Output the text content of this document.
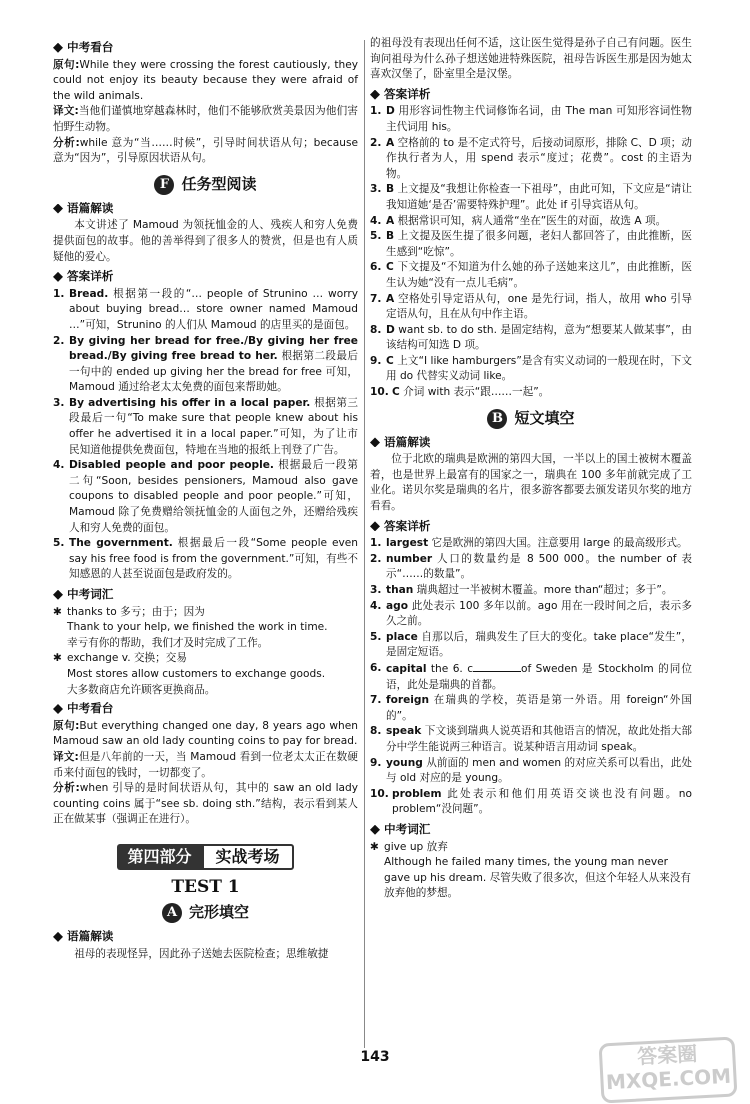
中考看台

原句:While they were crossing the forest cautiously, they could not enjoy its beauty because they were afraid of the wild animals.

译文:当他们谨慎地穿越森林时，他们不能够欣赏美景因为他们害怕野生动物。

分析:while 意为“当……时候”，引导时间状语从句；because 意为“因为”，引导原因状语从句。

F 任务型阅读
语篇解读

本文讲述了 Mamoud 为领抚恤金的人、残疾人和穷人免费提供面包的故事。他的善举得到了很多人的赞赏，但是也有人质疑他的爱心。

答案详析
1. Bread. 根据第一段的“… people of Strunino … worry about buying bread… store owner named Mamoud …”可知，Strunino 的人们从 Mamoud 的店里买的是面包。
2. By giving her bread for free./By giving her free bread./By giving free bread to her. 根据第二段最后一句中的 ended up giving her the bread for free 可知，Mamoud 通过给老太太免费的面包来帮助她。
3. By advertising his offer in a local paper. 根据第三段最后一句“To make sure that people knew about his offer he advertised it in a local paper.”可知，为了让市民知道他提供免费面包，特地在当地的报纸上刊登了广告。
4. Disabled people and poor people. 根据最后一段第二句“Soon, besides pensioners, Mamoud also gave coupons to disabled people and poor people.”可知，Mamoud 除了免费赠给领抚恤金的人面包之外，还赠给残疾人和穷人免费的面包。
5. The government. 根据最后一段“Some people even say his free food is from the government.”可知，有些不知感恩的人甚至说面包是政府发的。
中考词汇
✱ thanks to 多亏；由于；因为
Thank to your help, we finished the work in time.
幸亏有你的帮助，我们才及时完成了工作。
✱ exchange v. 交换；交易
Most stores allow customers to exchange goods.
大多数商店允许顾客更换商品。
中考看台

原句:But everything changed one day, 8 years ago when Mamoud saw an old lady counting coins to pay for bread.

译文:但是八年前的一天，当 Mamoud 看到一位老太太正在数硬币来付面包的钱时，一切都变了。

分析:when 引导的是时间状语从句，其中的 saw an old lady counting coins 属于“see sb. doing sth.”结构，表示看到某人正在做某事（强调正在进行）。

第四部分	实战考场
TEST 1
A 完形填空
语篇解读

祖母的表现怪异，因此孙子送她去医院检查；思维敏捷

的祖母没有表现出任何不适，这让医生觉得是孙子自己有问题。医生询问祖母为什么孙子想送她进特殊医院，祖母告诉医生那是因为她太喜欢汉堡了，卧室里全是汉堡。

答案详析
1. D 用形容词性物主代词修饰名词，由 The man 可知形容词性物主代词用 his。
2. A 空格前的 to 是不定式符号，后接动词原形，排除 C、D 项；动作执行者为人，用 spend 表示“度过；花费”。cost 的主语为物。
3. B 上文提及“我想让你检查一下祖母”，由此可知，下文应是“请让我知道她‘是否’需要特殊护理”。此处 if 引导宾语从句。
4. A 根据常识可知，病人通常“坐在”医生的对面，故选 A 项。
5. B 上文提及医生提了很多问题，老妇人都回答了，由此推断，医生感到“吃惊”。
6. C 下文提及“不知道为什么她的孙子送她来这儿”，由此推断，医生认为她“没有一点儿毛病”。
7. A 空格处引导定语从句，one 是先行词，指人，故用 who 引导定语从句，且在从句中作主语。
8. D want sb. to do sth. 是固定结构，意为“想要某人做某事”，由该结构可知选 D 项。
9. C 上文“I like hamburgers”是含有实义动词的一般现在时，下文用 do 代替实义动词 like。
10. C 介词 with 表示“跟……一起”。
B 短文填空
语篇解读

位于北欧的瑞典是欧洲的第四大国，一半以上的国土被树木覆盖着，也是世界上最富有的国家之一，瑞典在 100 多年前就完成了工业化。诺贝尔奖是瑞典的名片，很多游客都要去颁发诺贝尔奖的地方看看。

答案详析
1. largest 它是欧洲的第四大国。注意要用 large 的最高级形式。
2. number 人口的数量约是 8 500 000。the number of 表示“……的数量”。
3. than 瑞典超过一半被树木覆盖。more than“超过；多于”。
4. ago 此处表示 100 多年以前。ago 用在一段时间之后，表示多久之前。
5. place 自那以后，瑞典发生了巨大的变化。take place“发生”，是固定短语。
6. capital the 6. c	of Sweden 是 Stockholm 的同位语，此处是瑞典的首都。
7. foreign 在瑞典的学校，英语是第一外语。用 foreign“外国的”。
8. speak 下文谈到瑞典人说英语和其他语言的情况，故此处指大部分中学生能说两三种语言。说某种语言用动词 speak。
9. young 从前面的 men and women 的对应关系可以看出，此处与 old 对应的是 young。
10. problem 此处表示和他们用英语交谈也没有问题。no problem“没问题”。
中考词汇
✱ give up 放弃
Although he failed many times, the young man never gave up his dream. 尽管失败了很多次，但这个年轻人从来没有放弃他的梦想。
143	答案圈
MXQE.COM
